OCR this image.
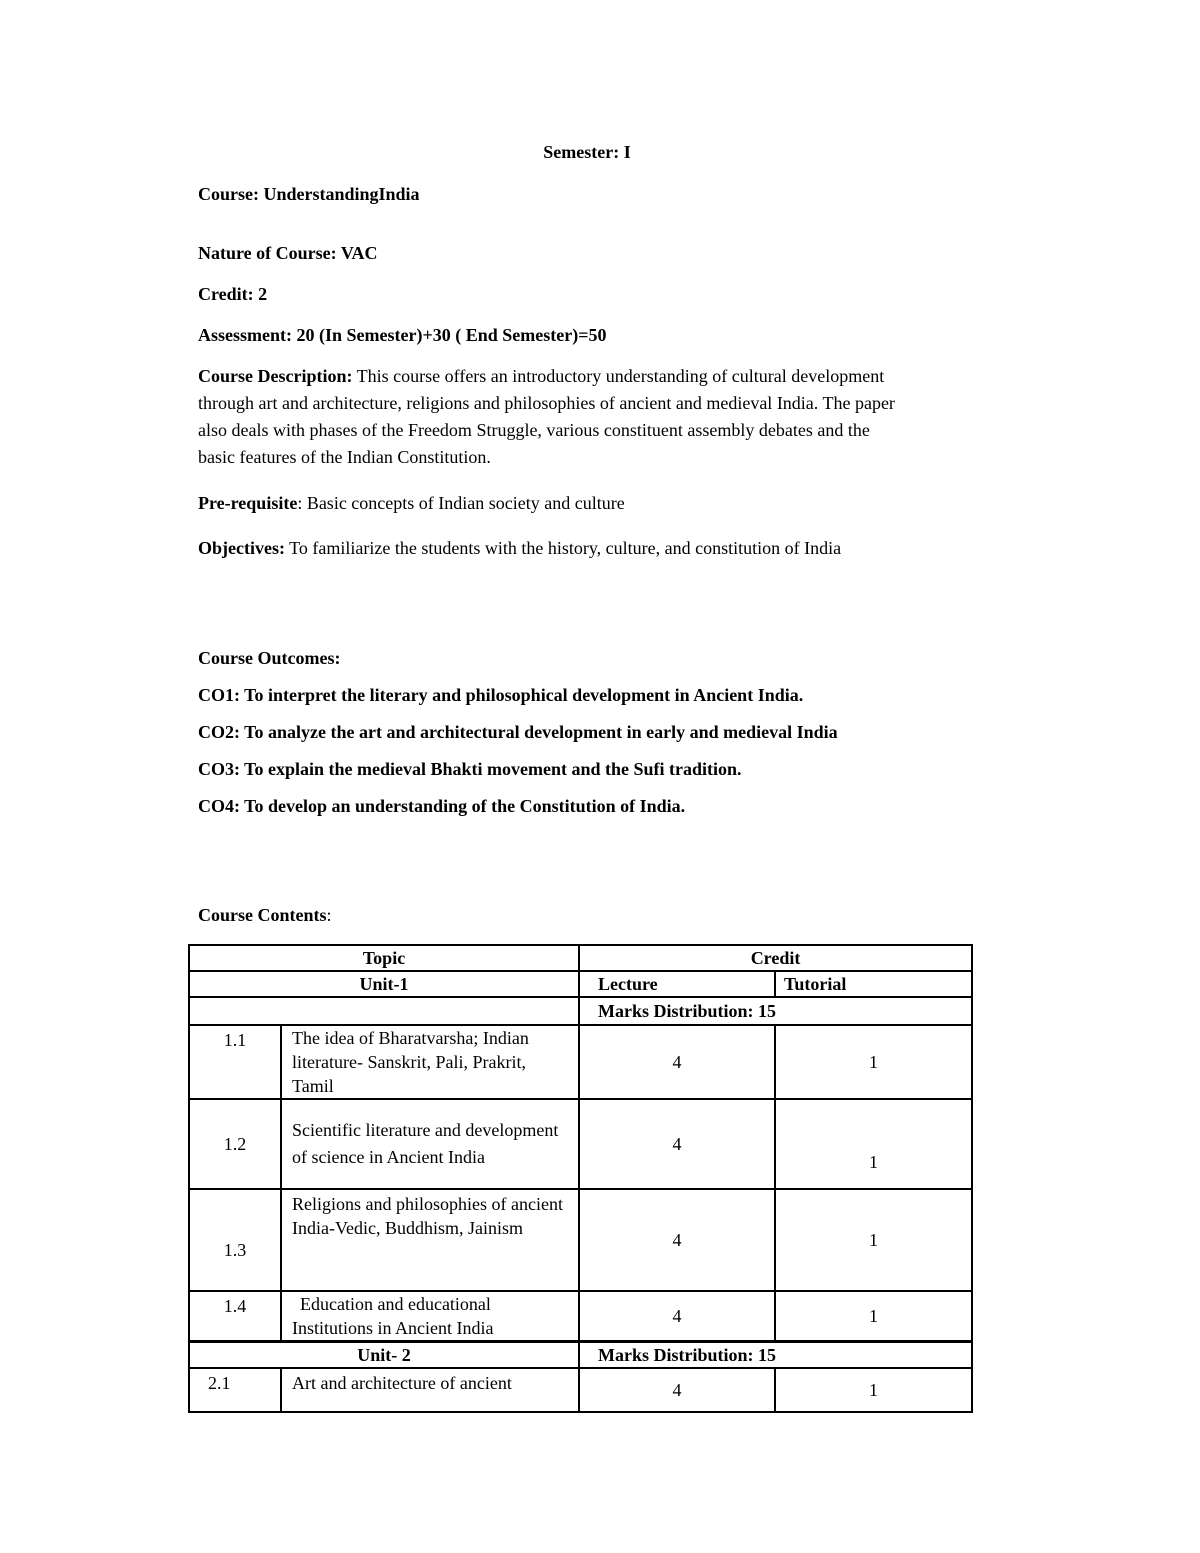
Semester: I
Course: UnderstandingIndia
Nature of Course: VAC
Credit: 2
Assessment: 20 (In Semester)+30 ( End Semester)=50
Course Description: This course offers an introductory understanding of cultural development through art and architecture, religions and philosophies of ancient and medieval India. The paper also deals with phases of the Freedom Struggle, various constituent assembly debates and the basic features of the Indian Constitution.
Pre-requisite: Basic concepts of Indian society and culture
Objectives: To familiarize the students with the history, culture, and constitution of India
Course Outcomes:
CO1: To interpret the literary and philosophical development in Ancient India.
CO2: To analyze the art and architectural development in early and medieval India
CO3: To explain the medieval Bhakti movement and the Sufi tradition.
CO4: To develop an understanding of the Constitution of India.
Course Contents:
Topic		Credit	
Unit-1		Lecture	Tutorial
		Marks Distribution: 15	
1.1	The idea of Bharatvarsha; Indian literature- Sanskrit, Pali, Prakrit, Tamil	4	1
1.2	Scientific literature and development of science in Ancient India	4	1
1.3	Religions and philosophies of ancient India-Vedic, Buddhism, Jainism	4	1
1.4	Education and educational Institutions in Ancient India	4	1
Unit- 2		Marks Distribution: 15	
2.1	Art and architecture of ancient	4	1
